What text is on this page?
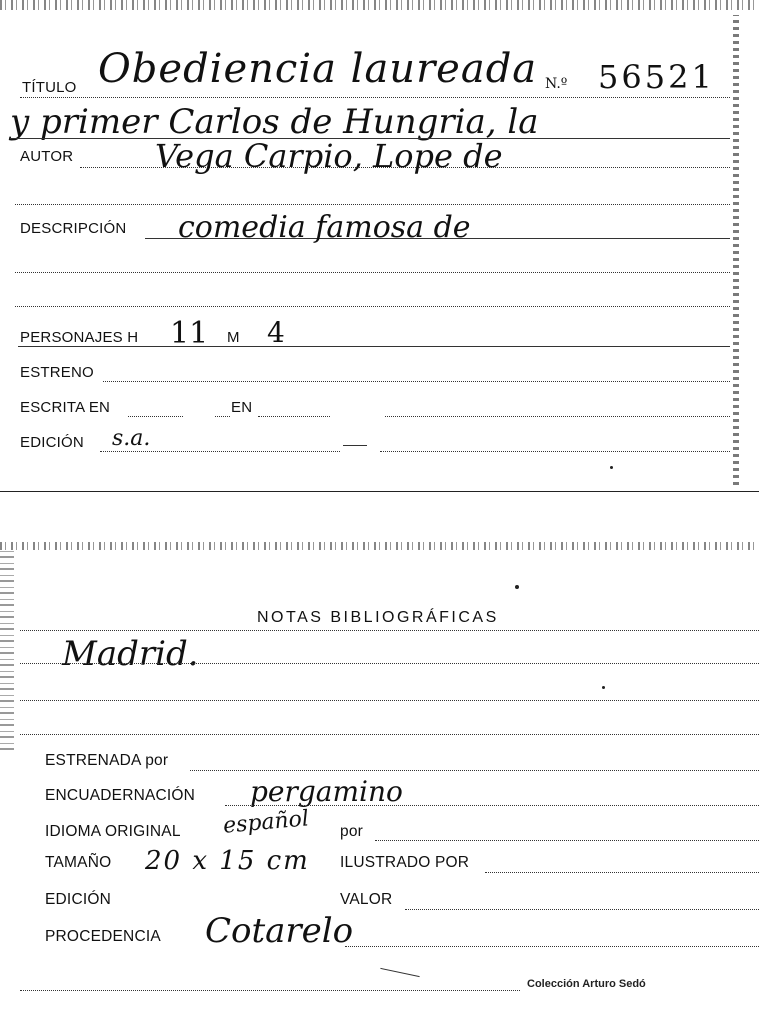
TÍTULO Obediencia laureada N.º 56521
y primer Carlos de Hungria, la
AUTOR	Vega Carpio, Lope de
DESCRIPCIÓN comedia famosa de
PERSONAJES H 11 M 4
ESTRENO
ESCRITA EN	EN
EDICIÓN s.a.
NOTAS BIBLIOGRÁFICAS
Madrid.
ESTRENADA por
ENCUADERNACIÓN pergamino
IDIOMA ORIGINAL español por
TAMAÑO 20 x 15 cm ILUSTRADO POR
EDICIÓN	VALOR
PROCEDENCIA Cotarelo
Colección Arturo Sedó
